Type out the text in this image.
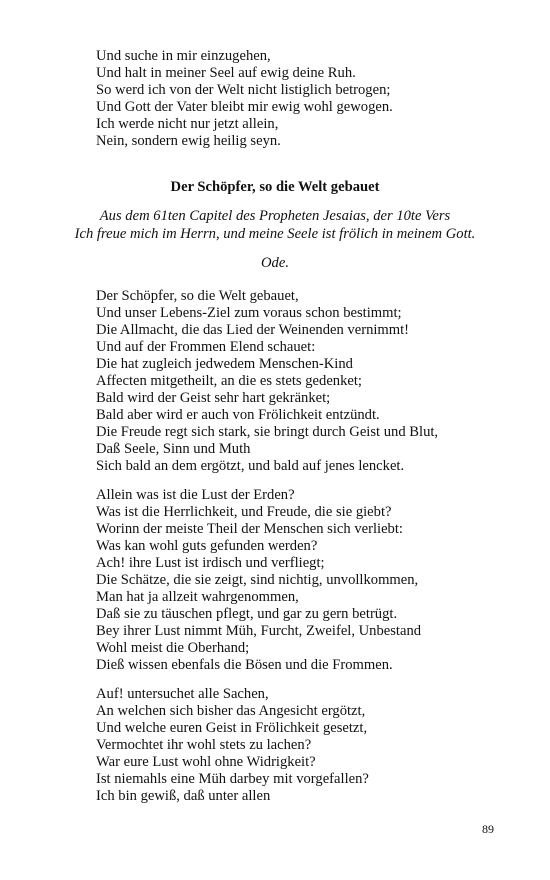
Und suche in mir einzugehen,
Und halt in meiner Seel auf ewig deine Ruh.
So werd ich von der Welt nicht listiglich betrogen;
Und Gott der Vater bleibt mir ewig wohl gewogen.
Ich werde nicht nur jetzt allein,
Nein, sondern ewig heilig seyn.
Der Schöpfer, so die Welt gebauet
Aus dem 61ten Capitel des Propheten Jesaias, der 10te Vers
Ich freue mich im Herrn, und meine Seele ist frölich in meinem Gott.
Ode.
Der Schöpfer, so die Welt gebauet,
Und unser Lebens-Ziel zum voraus schon bestimmt;
Die Allmacht, die das Lied der Weinenden vernimmt!
Und auf der Frommen Elend schauet:
Die hat zugleich jedwedem Menschen-Kind
Affecten mitgetheilt, an die es stets gedenket;
Bald wird der Geist sehr hart gekränket;
Bald aber wird er auch von Frölichkeit entzündt.
Die Freude regt sich stark, sie bringt durch Geist und Blut,
Daß Seele, Sinn und Muth
Sich bald an dem ergötzt, und bald auf jenes lencket.
Allein was ist die Lust der Erden?
Was ist die Herrlichkeit, und Freude, die sie giebt?
Worinn der meiste Theil der Menschen sich verliebt:
Was kan wohl guts gefunden werden?
Ach! ihre Lust ist irdisch und verfliegt;
Die Schätze, die sie zeigt, sind nichtig, unvollkommen,
Man hat ja allzeit wahrgenommen,
Daß sie zu täuschen pflegt, und gar zu gern betrügt.
Bey ihrer Lust nimmt Müh, Furcht, Zweifel, Unbestand
Wohl meist die Oberhand;
Dieß wissen ebenfals die Bösen und die Frommen.
Auf! untersuchet alle Sachen,
An welchen sich bisher das Angesicht ergötzt,
Und welche euren Geist in Frölichkeit gesetzt,
Vermochtet ihr wohl stets zu lachen?
War eure Lust wohl ohne Widrigkeit?
Ist niemahls eine Müh darbey mit vorgefallen?
Ich bin gewiß, daß unter allen
89
